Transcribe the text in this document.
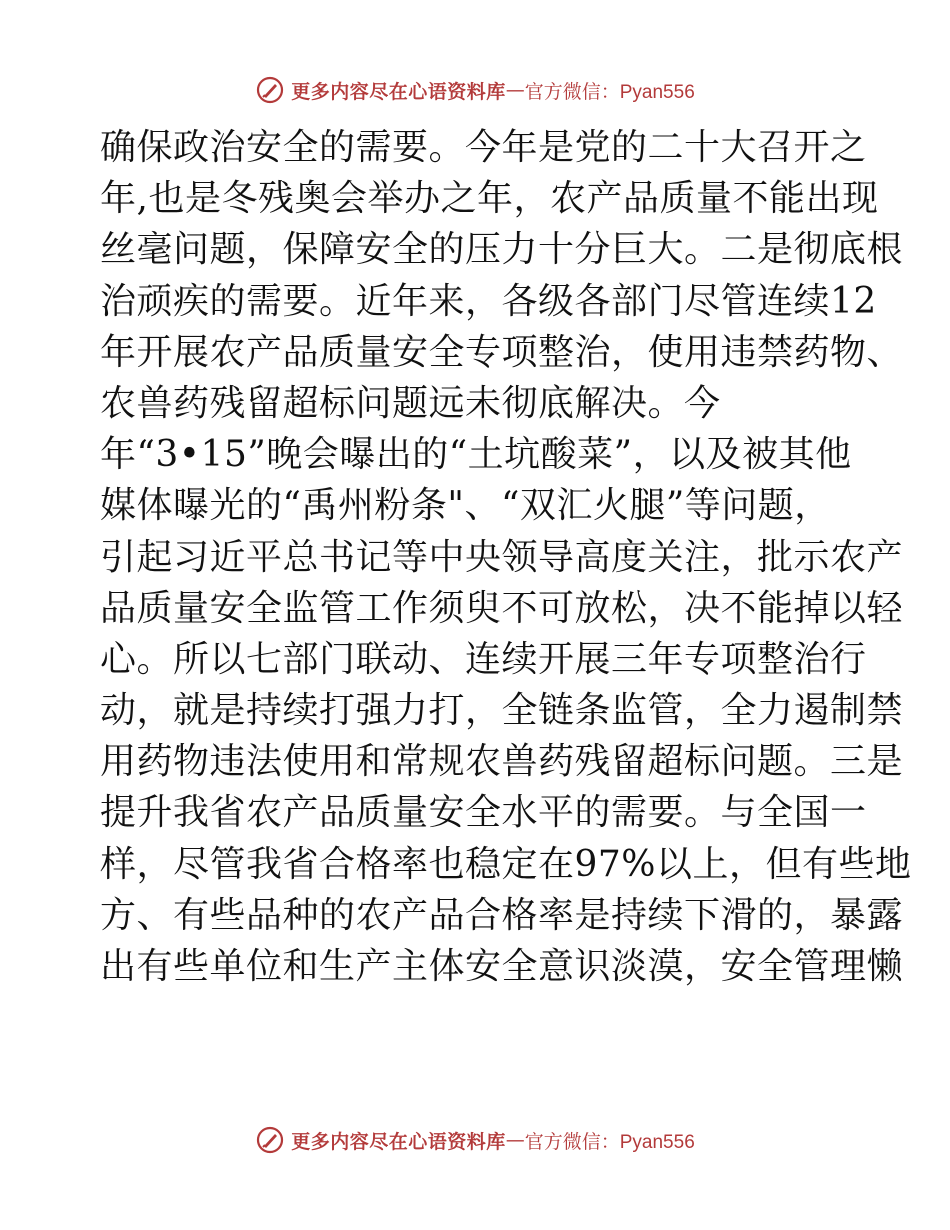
更多内容尽在心语资料库 — 官方微信：Pyan556
确保政治安全的需要。今年是党的二十大召开之
年,也是冬残奥会举办之年，农产品质量不能出现
丝毫问题，保障安全的压力十分巨大。二是彻底根
治顽疾的需要。近年来，各级各部门尽管连续12
年开展农产品质量安全专项整治，使用违禁药物、
农兽药残留超标问题远未彻底解决。今
年“3•15”晚会曝出的“土坑酸菜”，以及被其他
媒体曝光的“禹州粉条"、“双汇火腿”等问题，
引起习近平总书记等中央领导高度关注，批示农产
品质量安全监管工作须臾不可放松，决不能掉以轻
心。所以七部门联动、连续开展三年专项整治行
动，就是持续打强力打，全链条监管，全力遏制禁
用药物违法使用和常规农兽药残留超标问题。三是
提升我省农产品质量安全水平的需要。与全国一
样，尽管我省合格率也稳定在97%以上，但有些地
方、有些品种的农产品合格率是持续下滑的，暴露
出有些单位和生产主体安全意识淡漠，安全管理懒
更多内容尽在心语资料库 — 官方微信：Pyan556
